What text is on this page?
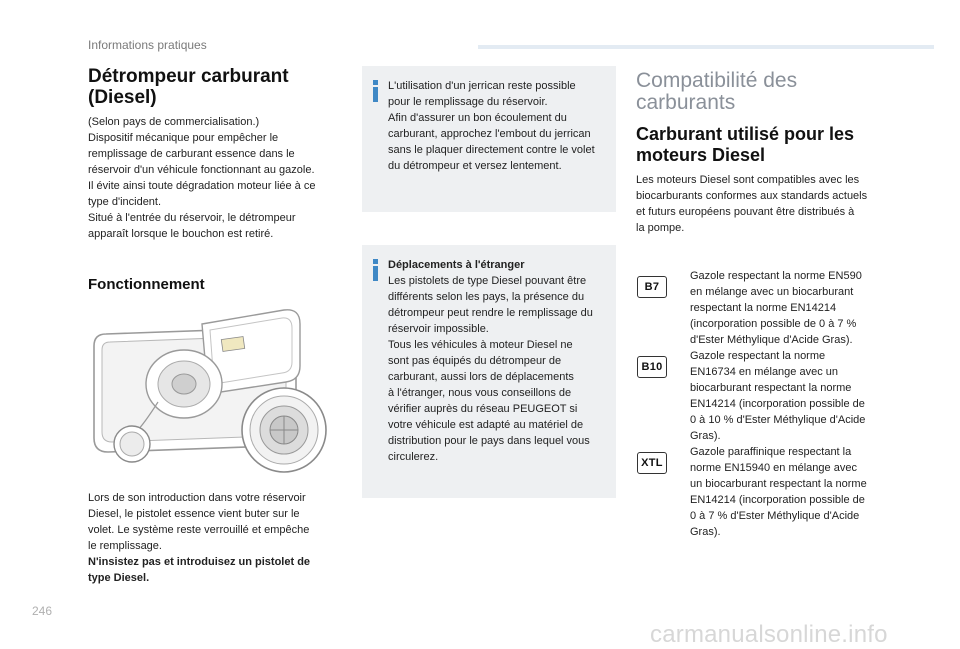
Informations pratiques

Détrompeur carburant

(Diesel)

(Selon pays de commercialisation.)

Dispositif mécanique pour empêcher le

remplissage de carburant essence dans le

réservoir d'un véhicule fonctionnant au gazole.

Il évite ainsi toute dégradation moteur liée à ce

type d'incident.

Situé à l'entrée du réservoir, le détrompeur

apparaît lorsque le bouchon est retiré.

Fonctionnement

Lors de son introduction dans votre réservoir

Diesel, le pistolet essence vient buter sur le

volet. Le système reste verrouillé et empêche

le remplissage.

N'insistez pas et introduisez un pistolet de

type Diesel.

L'utilisation d'un jerrican reste possible

pour le remplissage du réservoir.

Afin d'assurer un bon écoulement du

carburant, approchez l'embout du jerrican

sans le plaquer directement contre le volet

du détrompeur et versez lentement.

Déplacements à l'étranger

Les pistolets de type Diesel pouvant être

différents selon les pays, la présence du

détrompeur peut rendre le remplissage du

réservoir impossible.

Tous les véhicules à moteur Diesel ne

sont pas équipés du détrompeur de

carburant, aussi lors de déplacements

à l'étranger, nous vous conseillons de

vérifier auprès du réseau PEUGEOT si

votre véhicule est adapté au matériel de

distribution pour le pays dans lequel vous

circulerez.

Compatibilité des

carburants

Carburant utilisé pour les

moteurs Diesel

Les moteurs Diesel sont compatibles avec les

biocarburants conformes aux standards actuels

et futurs européens pouvant être distribués à

la pompe.

B7
Gazole respectant la norme EN590
en mélange avec un biocarburant
respectant la norme EN14214
(incorporation possible de 0 à 7 %
d'Ester Méthylique d'Acide Gras).
B10
Gazole respectant la norme
EN16734 en mélange avec un
biocarburant respectant la norme
EN14214 (incorporation possible de
0 à 10 % d'Ester Méthylique d'Acide
Gras).
XTL
Gazole paraffinique respectant la
norme EN15940 en mélange avec
un biocarburant respectant la norme
EN14214 (incorporation possible de
0 à 7 % d'Ester Méthylique d'Acide
Gras).
246
carmanualsonline.info
